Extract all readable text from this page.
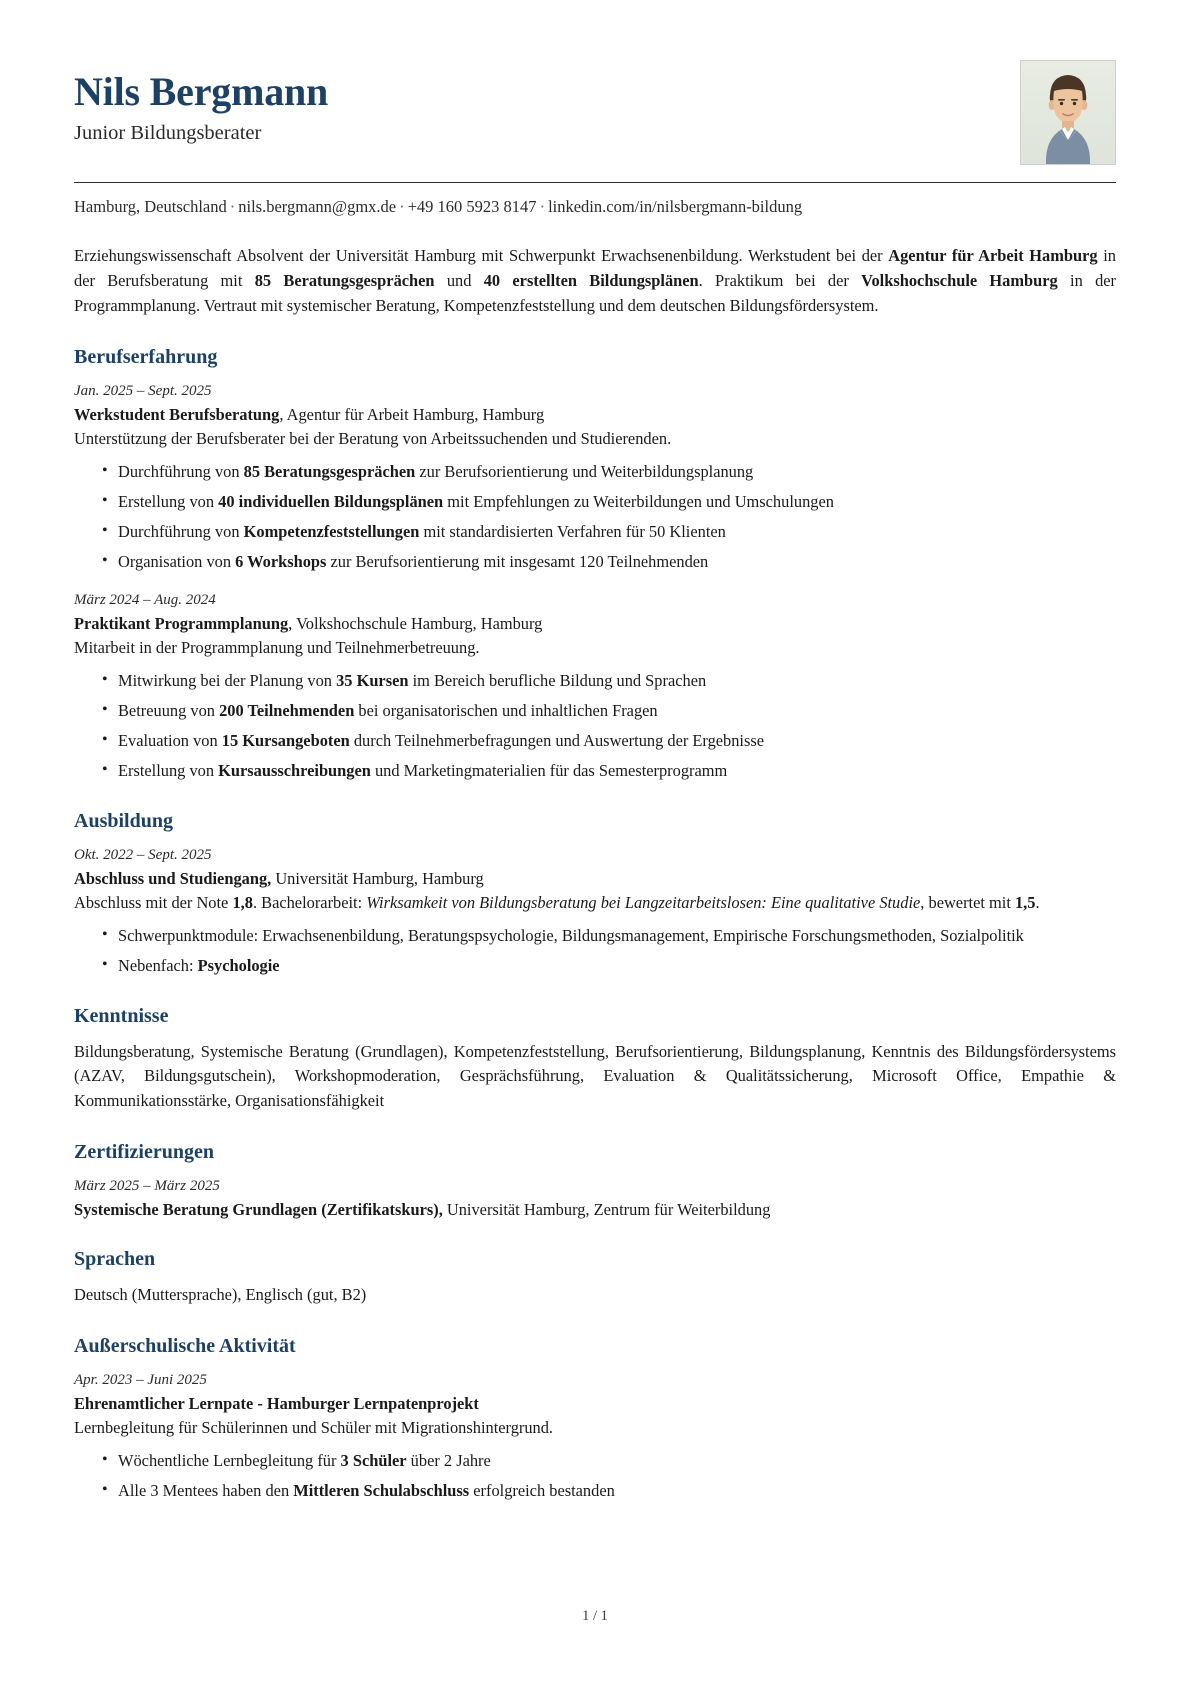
Nils Bergmann
Junior Bildungsberater
Hamburg, Deutschland · nils.bergmann@gmx.de · +49 160 5923 8147 · linkedin.com/in/nilsbergmann-bildung
Erziehungswissenschaft Absolvent der Universität Hamburg mit Schwerpunkt Erwachsenenbildung. Werkstudent bei der Agentur für Arbeit Hamburg in der Berufsberatung mit 85 Beratungsgesprächen und 40 erstellten Bildungsplänen. Praktikum bei der Volkshochschule Hamburg in der Programmplanung. Vertraut mit systemischer Beratung, Kompetenzfeststellung und dem deutschen Bildungsfördersystem.
Berufserfahrung
Jan. 2025 – Sept. 2025
Werkstudent Berufsberatung, Agentur für Arbeit Hamburg, Hamburg
Unterstützung der Berufsberater bei der Beratung von Arbeitssuchenden und Studierenden.
• Durchführung von 85 Beratungsgesprächen zur Berufsorientierung und Weiterbildungsplanung
• Erstellung von 40 individuellen Bildungsplänen mit Empfehlungen zu Weiterbildungen und Umschulungen
• Durchführung von Kompetenzfeststellungen mit standardisierten Verfahren für 50 Klienten
• Organisation von 6 Workshops zur Berufsorientierung mit insgesamt 120 Teilnehmenden
März 2024 – Aug. 2024
Praktikant Programmplanung, Volkshochschule Hamburg, Hamburg
Mitarbeit in der Programmplanung und Teilnehmerbetreuung.
• Mitwirkung bei der Planung von 35 Kursen im Bereich berufliche Bildung und Sprachen
• Betreuung von 200 Teilnehmenden bei organisatorischen und inhaltlichen Fragen
• Evaluation von 15 Kursangeboten durch Teilnehmerbefragungen und Auswertung der Ergebnisse
• Erstellung von Kursausschreibungen und Marketingmaterialien für das Semesterprogramm
Ausbildung
Okt. 2022 – Sept. 2025
Abschluss und Studiengang, Universität Hamburg, Hamburg
Abschluss mit der Note 1,8. Bachelorarbeit: Wirksamkeit von Bildungsberatung bei Langzeitarbeitslosen: Eine qualitative Studie, bewertet mit 1,5.
• Schwerpunktmodule: Erwachsenenbildung, Beratungspsychologie, Bildungsmanagement, Empirische Forschungsmethoden, Sozialpolitik
• Nebenfach: Psychologie
Kenntnisse
Bildungsberatung, Systemische Beratung (Grundlagen), Kompetenzfeststellung, Berufsorientierung, Bildungsplanung, Kenntnis des Bildungsfördersystems (AZAV, Bildungsgutschein), Workshopmoderation, Gesprächsführung, Evaluation & Qualitätssicherung, Microsoft Office, Empathie & Kommunikationsstärke, Organisationsfähigkeit
Zertifizierungen
März 2025 – März 2025
Systemische Beratung Grundlagen (Zertifikatskurs), Universität Hamburg, Zentrum für Weiterbildung
Sprachen
Deutsch (Muttersprache), Englisch (gut, B2)
Außerschulische Aktivität
Apr. 2023 – Juni 2025
Ehrenamtlicher Lernpate - Hamburger Lernpatenprojekt
Lernbegleitung für Schülerinnen und Schüler mit Migrationshintergrund.
• Wöchentliche Lernbegleitung für 3 Schüler über 2 Jahre
• Alle 3 Mentees haben den Mittleren Schulabschluss erfolgreich bestanden
1 / 1
